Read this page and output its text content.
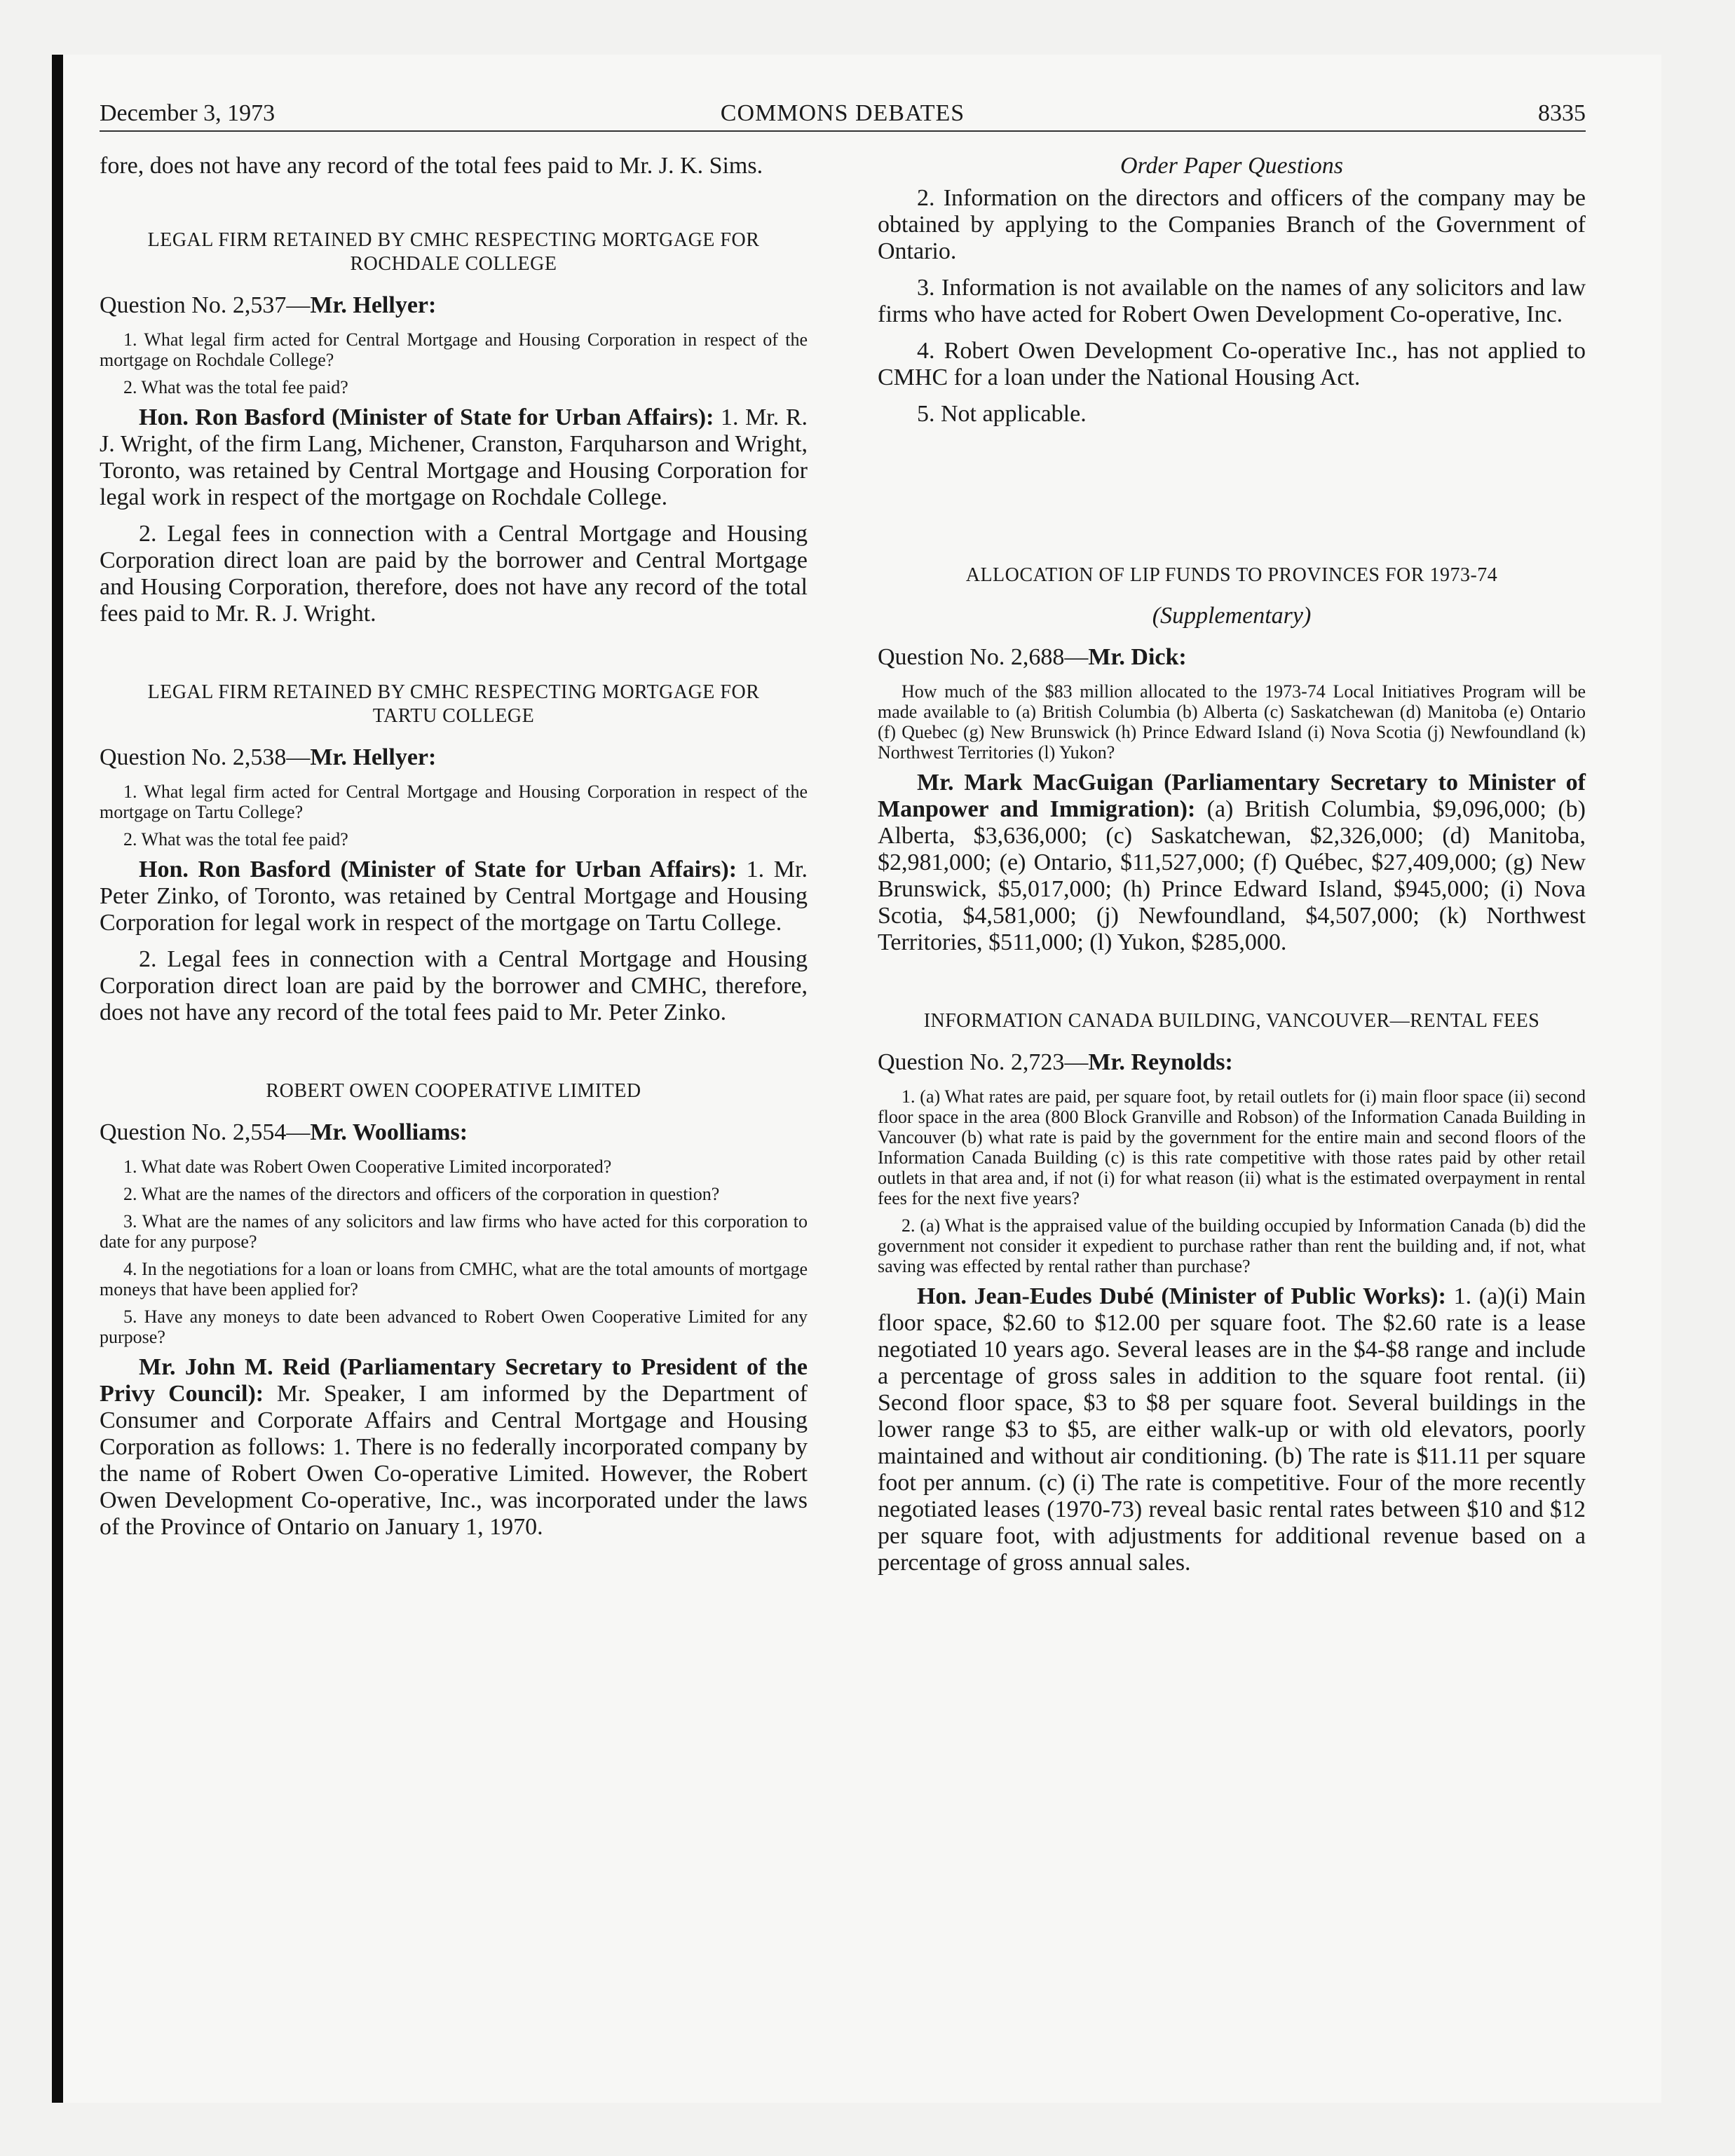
December 3, 1973	COMMONS DEBATES	8335

fore, does not have any record of the total fees paid to Mr. J. K. Sims.

LEGAL FIRM RETAINED BY CMHC RESPECTING MORTGAGE FOR ROCHDALE COLLEGE

Question No. 2,537—Mr. Hellyer:

1. What legal firm acted for Central Mortgage and Housing Corporation in respect of the mortgage on Rochdale College?

2. What was the total fee paid?

Hon. Ron Basford (Minister of State for Urban Affairs): 1. Mr. R. J. Wright, of the firm Lang, Michener, Cranston, Farquharson and Wright, Toronto, was retained by Central Mortgage and Housing Corporation for legal work in respect of the mortgage on Rochdale College.

2. Legal fees in connection with a Central Mortgage and Housing Corporation direct loan are paid by the borrower and Central Mortgage and Housing Corporation, therefore, does not have any record of the total fees paid to Mr. R. J. Wright.

LEGAL FIRM RETAINED BY CMHC RESPECTING MORTGAGE FOR TARTU COLLEGE

Question No. 2,538—Mr. Hellyer:

1. What legal firm acted for Central Mortgage and Housing Corporation in respect of the mortgage on Tartu College?

2. What was the total fee paid?

Hon. Ron Basford (Minister of State for Urban Affairs): 1. Mr. Peter Zinko, of Toronto, was retained by Central Mortgage and Housing Corporation for legal work in respect of the mortgage on Tartu College.

2. Legal fees in connection with a Central Mortgage and Housing Corporation direct loan are paid by the borrower and CMHC, therefore, does not have any record of the total fees paid to Mr. Peter Zinko.

ROBERT OWEN COOPERATIVE LIMITED

Question No. 2,554—Mr. Woolliams:

1. What date was Robert Owen Cooperative Limited incorporated?

2. What are the names of the directors and officers of the corporation in question?

3. What are the names of any solicitors and law firms who have acted for this corporation to date for any purpose?

4. In the negotiations for a loan or loans from CMHC, what are the total amounts of mortgage moneys that have been applied for?

5. Have any moneys to date been advanced to Robert Owen Cooperative Limited for any purpose?

Mr. John M. Reid (Parliamentary Secretary to President of the Privy Council): Mr. Speaker, I am informed by the Department of Consumer and Corporate Affairs and Central Mortgage and Housing Corporation as follows: 1. There is no federally incorporated company by the name of Robert Owen Co-operative Limited. However, the Robert Owen Development Co-operative, Inc., was incorporated under the laws of the Province of Ontario on January 1, 1970.

Order Paper Questions

2. Information on the directors and officers of the company may be obtained by applying to the Companies Branch of the Government of Ontario.

3. Information is not available on the names of any solicitors and law firms who have acted for Robert Owen Development Co-operative, Inc.

4. Robert Owen Development Co-operative Inc., has not applied to CMHC for a loan under the National Housing Act.

5. Not applicable.

ALLOCATION OF LIP FUNDS TO PROVINCES FOR 1973-74
(Supplementary)

Question No. 2,688—Mr. Dick:

How much of the $83 million allocated to the 1973-74 Local Initiatives Program will be made available to (a) British Columbia (b) Alberta (c) Saskatchewan (d) Manitoba (e) Ontario (f) Quebec (g) New Brunswick (h) Prince Edward Island (i) Nova Scotia (j) Newfoundland (k) Northwest Territories (l) Yukon?

Mr. Mark MacGuigan (Parliamentary Secretary to Minister of Manpower and Immigration): (a) British Columbia, $9,096,000; (b) Alberta, $3,636,000; (c) Saskatchewan, $2,326,000; (d) Manitoba, $2,981,000; (e) Ontario, $11,527,000; (f) Québec, $27,409,000; (g) New Brunswick, $5,017,000; (h) Prince Edward Island, $945,000; (i) Nova Scotia, $4,581,000; (j) Newfoundland, $4,507,000; (k) Northwest Territories, $511,000; (l) Yukon, $285,000.

INFORMATION CANADA BUILDING, VANCOUVER—RENTAL FEES

Question No. 2,723—Mr. Reynolds:

1. (a) What rates are paid, per square foot, by retail outlets for (i) main floor space (ii) second floor space in the area (800 Block Granville and Robson) of the Information Canada Building in Vancouver (b) what rate is paid by the government for the entire main and second floors of the Information Canada Building (c) is this rate competitive with those rates paid by other retail outlets in that area and, if not (i) for what reason (ii) what is the estimated overpayment in rental fees for the next five years?

2. (a) What is the appraised value of the building occupied by Information Canada (b) did the government not consider it expedient to purchase rather than rent the building and, if not, what saving was effected by rental rather than purchase?

Hon. Jean-Eudes Dubé (Minister of Public Works): 1. (a)(i) Main floor space, $2.60 to $12.00 per square foot. The $2.60 rate is a lease negotiated 10 years ago. Several leases are in the $4-$8 range and include a percentage of gross sales in addition to the square foot rental. (ii) Second floor space, $3 to $8 per square foot. Several buildings in the lower range $3 to $5, are either walk-up or with old elevators, poorly maintained and without air conditioning. (b) The rate is $11.11 per square foot per annum. (c) (i) The rate is competitive. Four of the more recently negotiated leases (1970-73) reveal basic rental rates between $10 and $12 per square foot, with adjustments for additional revenue based on a percentage of gross annual sales.
